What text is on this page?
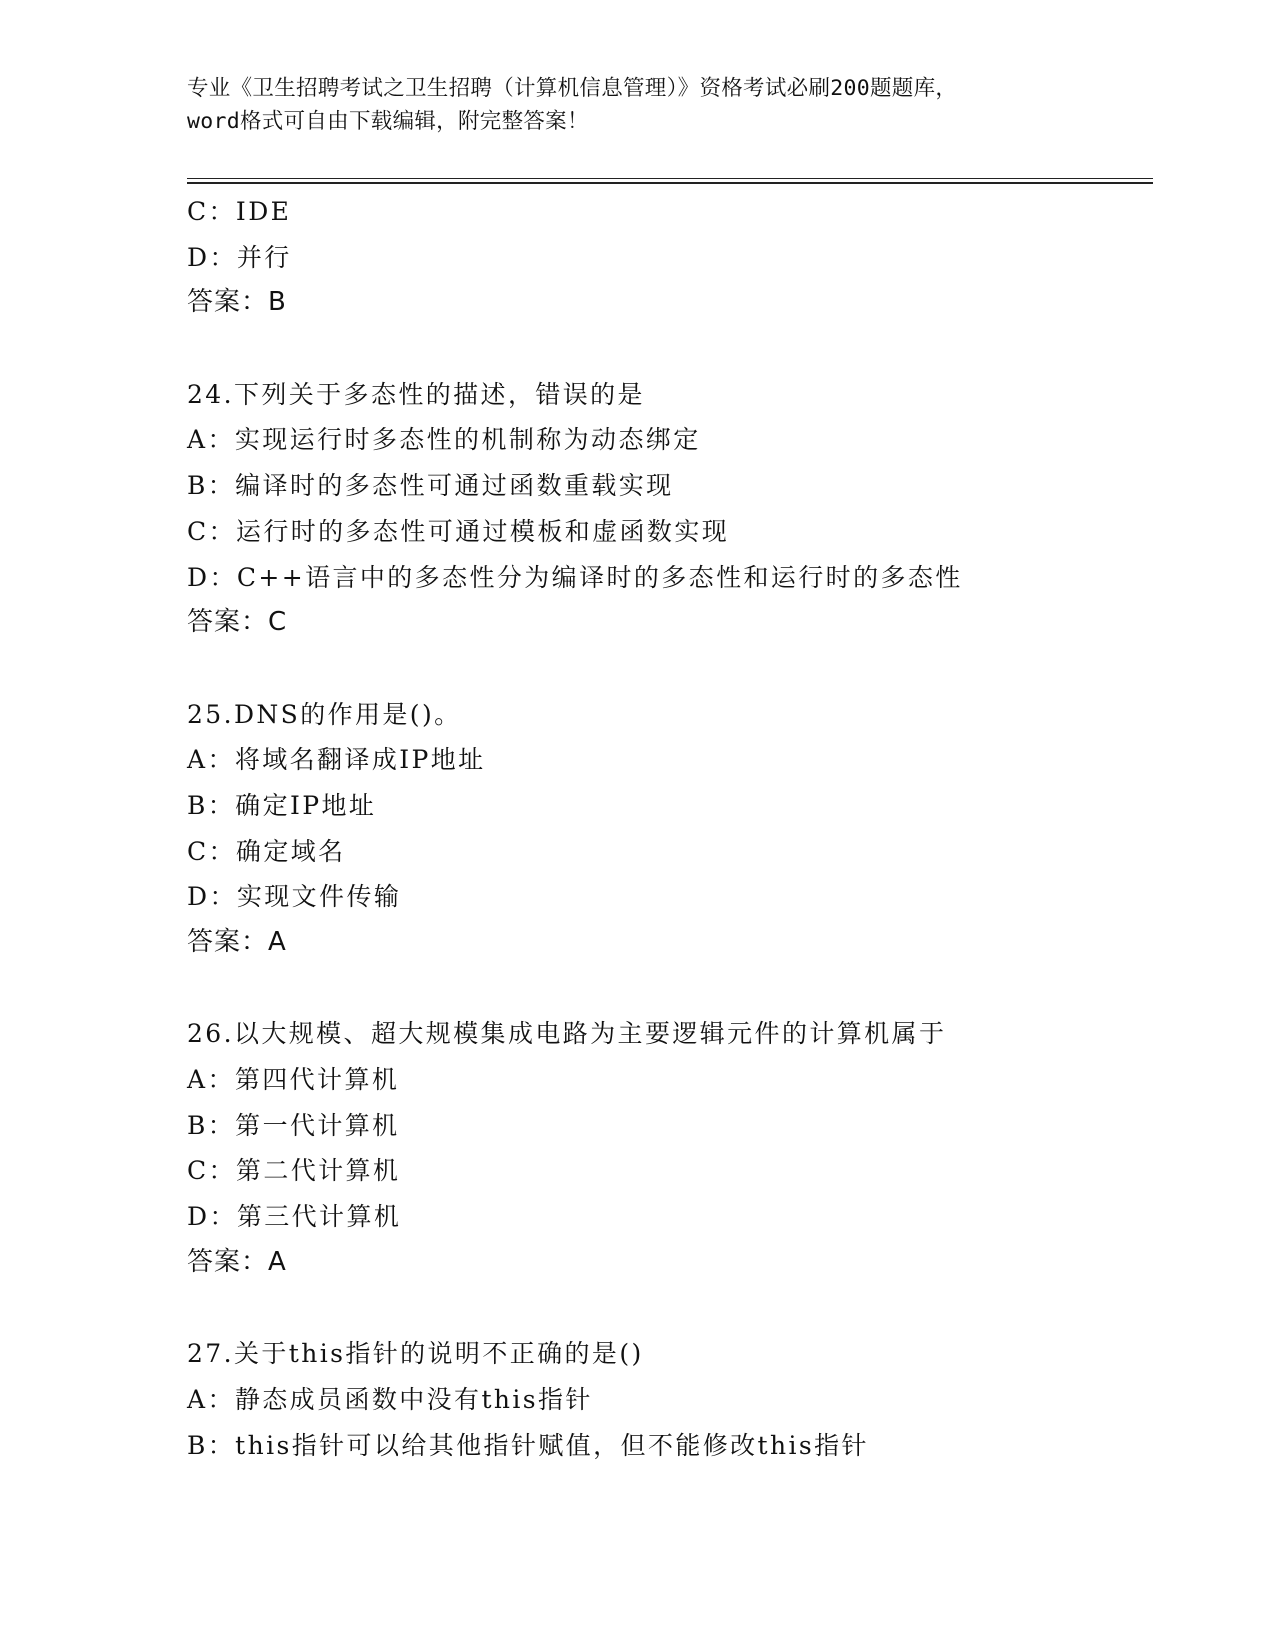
专业《卫生招聘考试之卫生招聘（计算机信息管理）》资格考试必刷200题题库，
word格式可自由下载编辑，附完整答案！
C：IDE
D：并行
答案：B
24.下列关于多态性的描述，错误的是
A：实现运行时多态性的机制称为动态绑定
B：编译时的多态性可通过函数重载实现
C：运行时的多态性可通过模板和虚函数实现
D：C++语言中的多态性分为编译时的多态性和运行时的多态性
答案：C
25.DNS的作用是()。
A：将域名翻译成IP地址
B：确定IP地址
C：确定域名
D：实现文件传输
答案：A
26.以大规模、超大规模集成电路为主要逻辑元件的计算机属于
A：第四代计算机
B：第一代计算机
C：第二代计算机
D：第三代计算机
答案：A
27.关于this指针的说明不正确的是()
A：静态成员函数中没有this指针
B：this指针可以给其他指针赋值，但不能修改this指针
